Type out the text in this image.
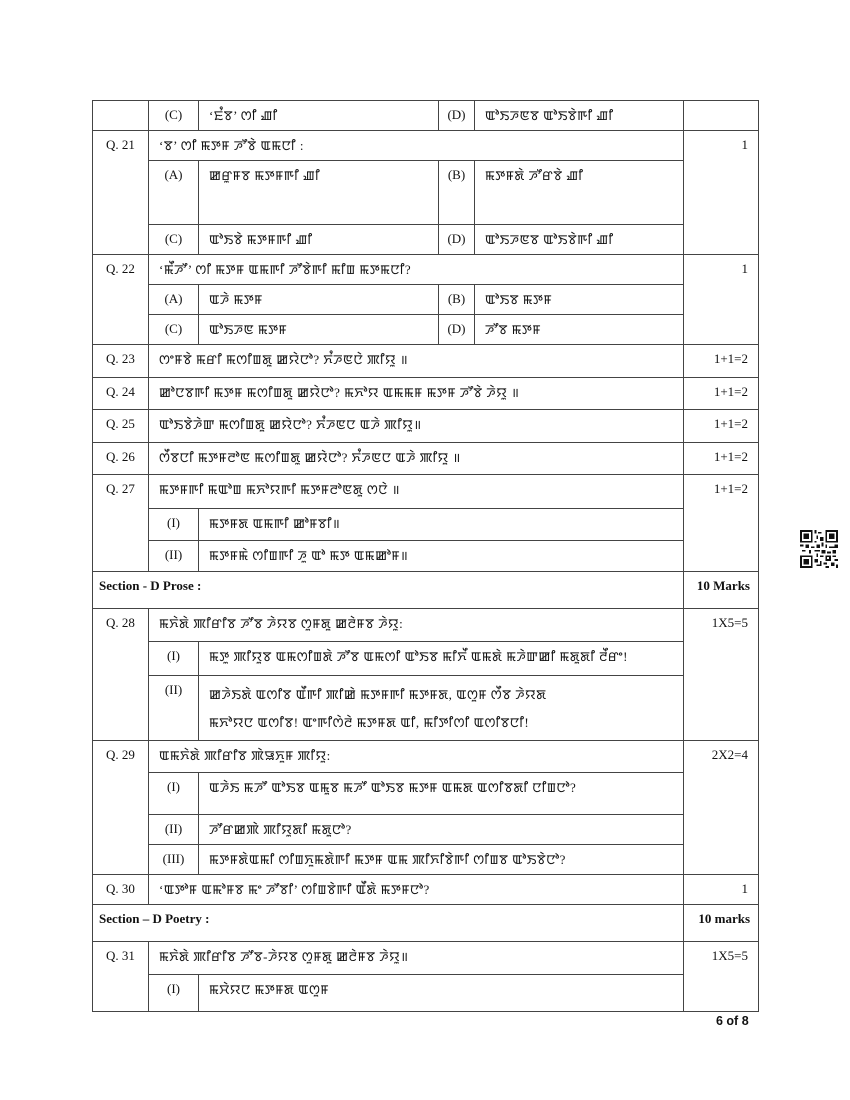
	(C)	‘ꯐꯪꯕ’ ꯁꯤ ꯉꯤ	(D)	ꯑꯣꯏꯍꯟꯕ ꯑꯣꯏꯕꯥꯒꯤ ꯉꯤ	
Q. 21	‘ꯕ’ ꯁꯤ ꯃꯇꯝ ꯍꯧꯕꯥ ꯑꯃꯅꯤ :				1
	(A)	ꯀꯔꯨꯝꯕ ꯃꯇꯝꯒꯤ ꯉꯤ	(B)	ꯃꯇꯝꯗꯥ ꯍꯧꯔꯕꯥ ꯉꯤ	
	(C)	ꯑꯣꯏꯕꯥ ꯃꯇꯝꯒꯤ ꯉꯤ	(D)	ꯑꯣꯏꯍꯟꯕ ꯑꯣꯏꯕꯥꯒꯤ ꯉꯤ	
Q. 22	‘ꯃꯩꯍꯧ’ ꯁꯤ ꯃꯇꯝ ꯑꯃꯒꯤ ꯍꯧꯕꯥꯒꯤ ꯃꯤꯡ ꯃꯇꯃꯅꯤ?				1
	(A)	ꯑꯍꯥ ꯃꯇꯝ	(B)	ꯑꯣꯏꯕ ꯃꯇꯝ	
	(C)	ꯑꯣꯏꯍꯟ ꯃꯇꯝ	(D)	ꯍꯧꯕ ꯃꯇꯝ	
Q. 23	ꯁꯦꯝꯕꯥ ꯃꯔꯤ ꯃꯁꯤꯡꯗꯨ ꯀꯌꯥꯅꯣ? ꯈꯪꯍꯟꯅꯥ ꯄꯤꯌꯨ ॥				1+1=2
Q. 24	ꯀꯣꯅꯕꯒꯤ ꯃꯇꯝ ꯃꯁꯤꯡꯗꯨ ꯀꯌꯥꯅꯣ? ꯃꯈꯣꯌ ꯑꯃꯃꯝ ꯃꯇꯝ ꯍꯧꯕꯥ ꯍꯥꯌꯨ ॥				1+1=2
Q. 25	ꯑꯣꯏꯕꯥꯍꯥꯛ ꯃꯁꯤꯡꯗꯨ ꯀꯌꯥꯅꯣ? ꯈꯪꯍꯟꯅ ꯑꯍꯥ ꯄꯤꯌꯨ॥				1+1=2
Q. 26	ꯁꯩꯕꯅꯤ ꯃꯇꯝꯂꯣꯟ ꯃꯁꯤꯡꯗꯨ ꯀꯌꯥꯅꯣ? ꯈꯪꯍꯟꯅ ꯑꯍꯥ ꯄꯤꯌꯨ ॥				1+1=2
Q. 27	ꯃꯇꯝꯒꯤ ꯃꯑꯣꯡ ꯃꯈꯣꯌꯒꯤ ꯃꯇꯝꯂꯣꯟꯗꯨ ꯁꯅꯥ ॥				1+1=2
	(I)	ꯃꯇꯝꯗ ꯑꯃꯒꯤ ꯀꯣꯝꯕꯤ॥			
	(II)	ꯃꯇꯝꯃꯥ ꯁꯤꯡꯒꯤ ꯍꯨ ꯑꯣ ꯃꯇ ꯑꯃꯀꯣꯝ॥			
Section - D Prose :					10 Marks
Q. 28	ꯃꯈꯥꯗꯥ ꯄꯤꯔꯤꯕ ꯍꯧꯕ ꯍꯥꯌꯕ ꯁꯨꯝꯗꯨ ꯀꯂꯥꯝꯕ ꯍꯥꯌꯨ:				1X5=5
	(I)	ꯃꯇꯨ ꯄꯤꯌꯨꯕ ꯑꯃꯁꯤꯡꯗꯥ ꯍꯧꯕ ꯑꯃꯁꯤ ꯑꯣꯏꯕ ꯃꯤꯈꯩ ꯑꯃꯗꯥ ꯃꯍꯥꯛꯀꯤ ꯃꯗꯨꯗꯤ ꯂꯩꯔꯦ!			
	(II)	ꯀꯍꯥꯏꯗꯥ ꯑꯁꯤꯕ ꯑꯩꯒꯤ ꯄꯤꯀꯥ ꯃꯇꯝꯒꯤ ꯃꯇꯝꯗ, ꯑꯁꯨꯝ ꯁꯩꯕ ꯍꯥꯌꯗ
ꯃꯈꯣꯌꯅ ꯑꯁꯤꯕ! ꯑꯦꯒꯤꯁꯥꯂꯥ ꯃꯇꯝꯗ ꯑꯤ, ꯃꯤꯇꯤꯁꯤ ꯑꯁꯤꯕꯅꯤ!			

Q. 29	ꯑꯃꯈꯥꯗꯥ ꯄꯤꯔꯤꯕ ꯄꯥꯎꯈꯨꯝ ꯄꯤꯌꯨ:				2X2=4
	(I)	ꯑꯍꯥꯏ ꯃꯍꯧ ꯑꯣꯏꯕ ꯑꯃꯨꯕ ꯃꯍꯧ ꯑꯣꯏꯕ ꯃꯇꯝ ꯑꯃꯗ ꯑꯁꯤꯕꯗꯤ ꯅꯤꯡꯅꯣ?			
	(II)	ꯍꯧꯔꯀꯄꯥ ꯄꯤꯌꯨꯗꯤ ꯃꯗꯨꯅꯣ?			
	(III)	ꯃꯇꯝꯗꯥꯑꯃꯤ ꯁꯤꯡꯈꯨꯃꯗꯥꯒꯤ ꯃꯇꯝ ꯑꯃ ꯄꯤꯈꯤꯕꯥꯒꯤ ꯁꯤꯡꯕ ꯑꯣꯏꯕꯥꯅꯣ?			
Q. 30	‘ꯑꯇꯣꯝ ꯑꯃꯣꯝꯕ ꯃꯦ ꯍꯧꯕꯤ’ ꯁꯤꯡꯕꯥꯒꯤ ꯑꯩꯗꯥ ꯃꯇꯝꯅꯣ?				1
Section – D Poetry :					10 marks
Q. 31	ꯃꯈꯥꯗꯥ ꯄꯤꯔꯤꯕ ꯍꯧꯕ-ꯍꯥꯌꯕ ꯁꯨꯝꯗꯨ ꯀꯂꯥꯝꯕ ꯍꯥꯌꯨ॥				1X5=5
	(I)	ꯃꯆꯥꯌꯅ ꯃꯇꯝꯗ ꯑꯁꯨꯝ			
6 of 8
